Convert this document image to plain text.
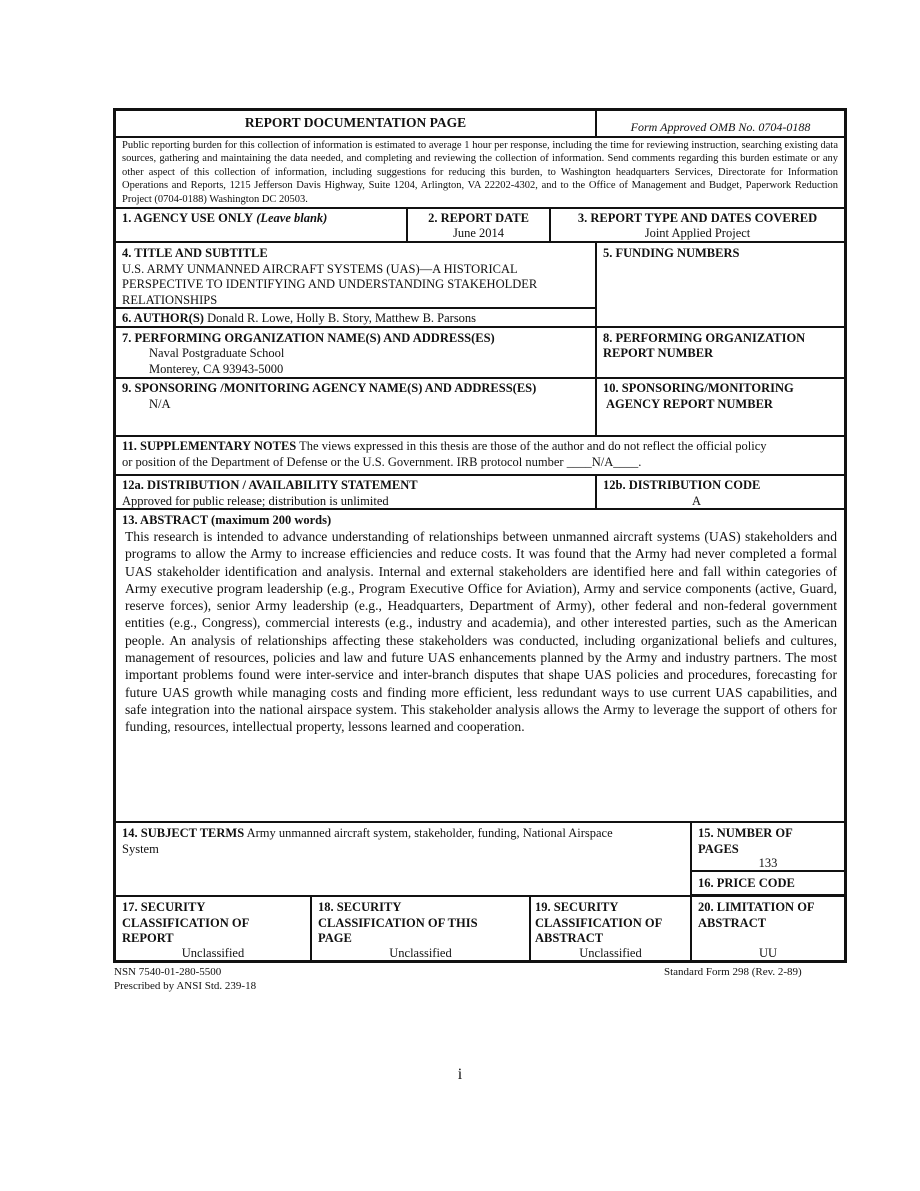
REPORT DOCUMENTATION PAGE	Form Approved OMB No. 0704-0188
Public reporting burden for this collection of information is estimated to average 1 hour per response, including the time for reviewing instruction, searching existing data sources, gathering and maintaining the data needed, and completing and reviewing the collection of information. Send comments regarding this burden estimate or any other aspect of this collection of information, including suggestions for reducing this burden, to Washington headquarters Services, Directorate for Information Operations and Reports, 1215 Jefferson Davis Highway, Suite 1204, Arlington, VA 22202-4302, and to the Office of Management and Budget, Paperwork Reduction Project (0704-0188) Washington DC 20503.
1. AGENCY USE ONLY (Leave blank)	2. REPORT DATE
June 2014
3. REPORT TYPE AND DATES COVERED
Joint Applied Project
4. TITLE AND SUBTITLE
U.S. ARMY UNMANNED AIRCRAFT SYSTEMS (UAS)—A HISTORICAL
PERSPECTIVE TO IDENTIFYING AND UNDERSTANDING STAKEHOLDER
RELATIONSHIPS
5. FUNDING NUMBERS
6. AUTHOR(S) Donald R. Lowe, Holly B. Story, Matthew B. Parsons
7. PERFORMING ORGANIZATION NAME(S) AND ADDRESS(ES)
Naval Postgraduate School
Monterey, CA 93943-5000
8. PERFORMING ORGANIZATION
REPORT NUMBER
9. SPONSORING /MONITORING AGENCY NAME(S) AND ADDRESS(ES)
N/A
10. SPONSORING/MONITORING
AGENCY REPORT NUMBER
11. SUPPLEMENTARY NOTES The views expressed in this thesis are those of the author and do not reflect the official policy
or position of the Department of Defense or the U.S. Government. IRB protocol number ____N/A____.
12a. DISTRIBUTION / AVAILABILITY STATEMENT
Approved for public release; distribution is unlimited
12b. DISTRIBUTION CODE
A
13. ABSTRACT (maximum 200 words)
This research is intended to advance understanding of relationships between unmanned aircraft systems (UAS) stakeholders and programs to allow the Army to increase efficiencies and reduce costs. It was found that the Army had never completed a formal UAS stakeholder identification and analysis. Internal and external stakeholders are identified here and fall within categories of Army executive program leadership (e.g., Program Executive Office for Aviation), Army and service components (active, Guard, reserve forces), senior Army leadership (e.g., Headquarters, Department of Army), other federal and non-federal government entities (e.g., Congress), commercial interests (e.g., industry and academia), and other interested parties, such as the American people. An analysis of relationships affecting these stakeholders was conducted, including organizational beliefs and cultures, management of resources, policies and law and future UAS enhancements planned by the Army and industry partners. The most important problems found were inter-service and inter-branch disputes that shape UAS policies and procedures, forecasting for future UAS growth while managing costs and finding more efficient, less redundant ways to use current UAS capabilities, and safe integration into the national airspace system. This stakeholder analysis allows the Army to leverage the support of others for funding, resources, intellectual property, lessons learned and cooperation.
14. SUBJECT TERMS Army unmanned aircraft system, stakeholder, funding, National Airspace
System
15. NUMBER OF
PAGES
133
16. PRICE CODE
17. SECURITY
CLASSIFICATION OF
REPORT
Unclassified
18. SECURITY
CLASSIFICATION OF THIS
PAGE
Unclassified
19. SECURITY
CLASSIFICATION OF
ABSTRACT
Unclassified
20. LIMITATION OF
ABSTRACT
UU
NSN 7540-01-280-5500
Prescribed by ANSI Std. 239-18
Standard Form 298 (Rev. 2-89)
i
